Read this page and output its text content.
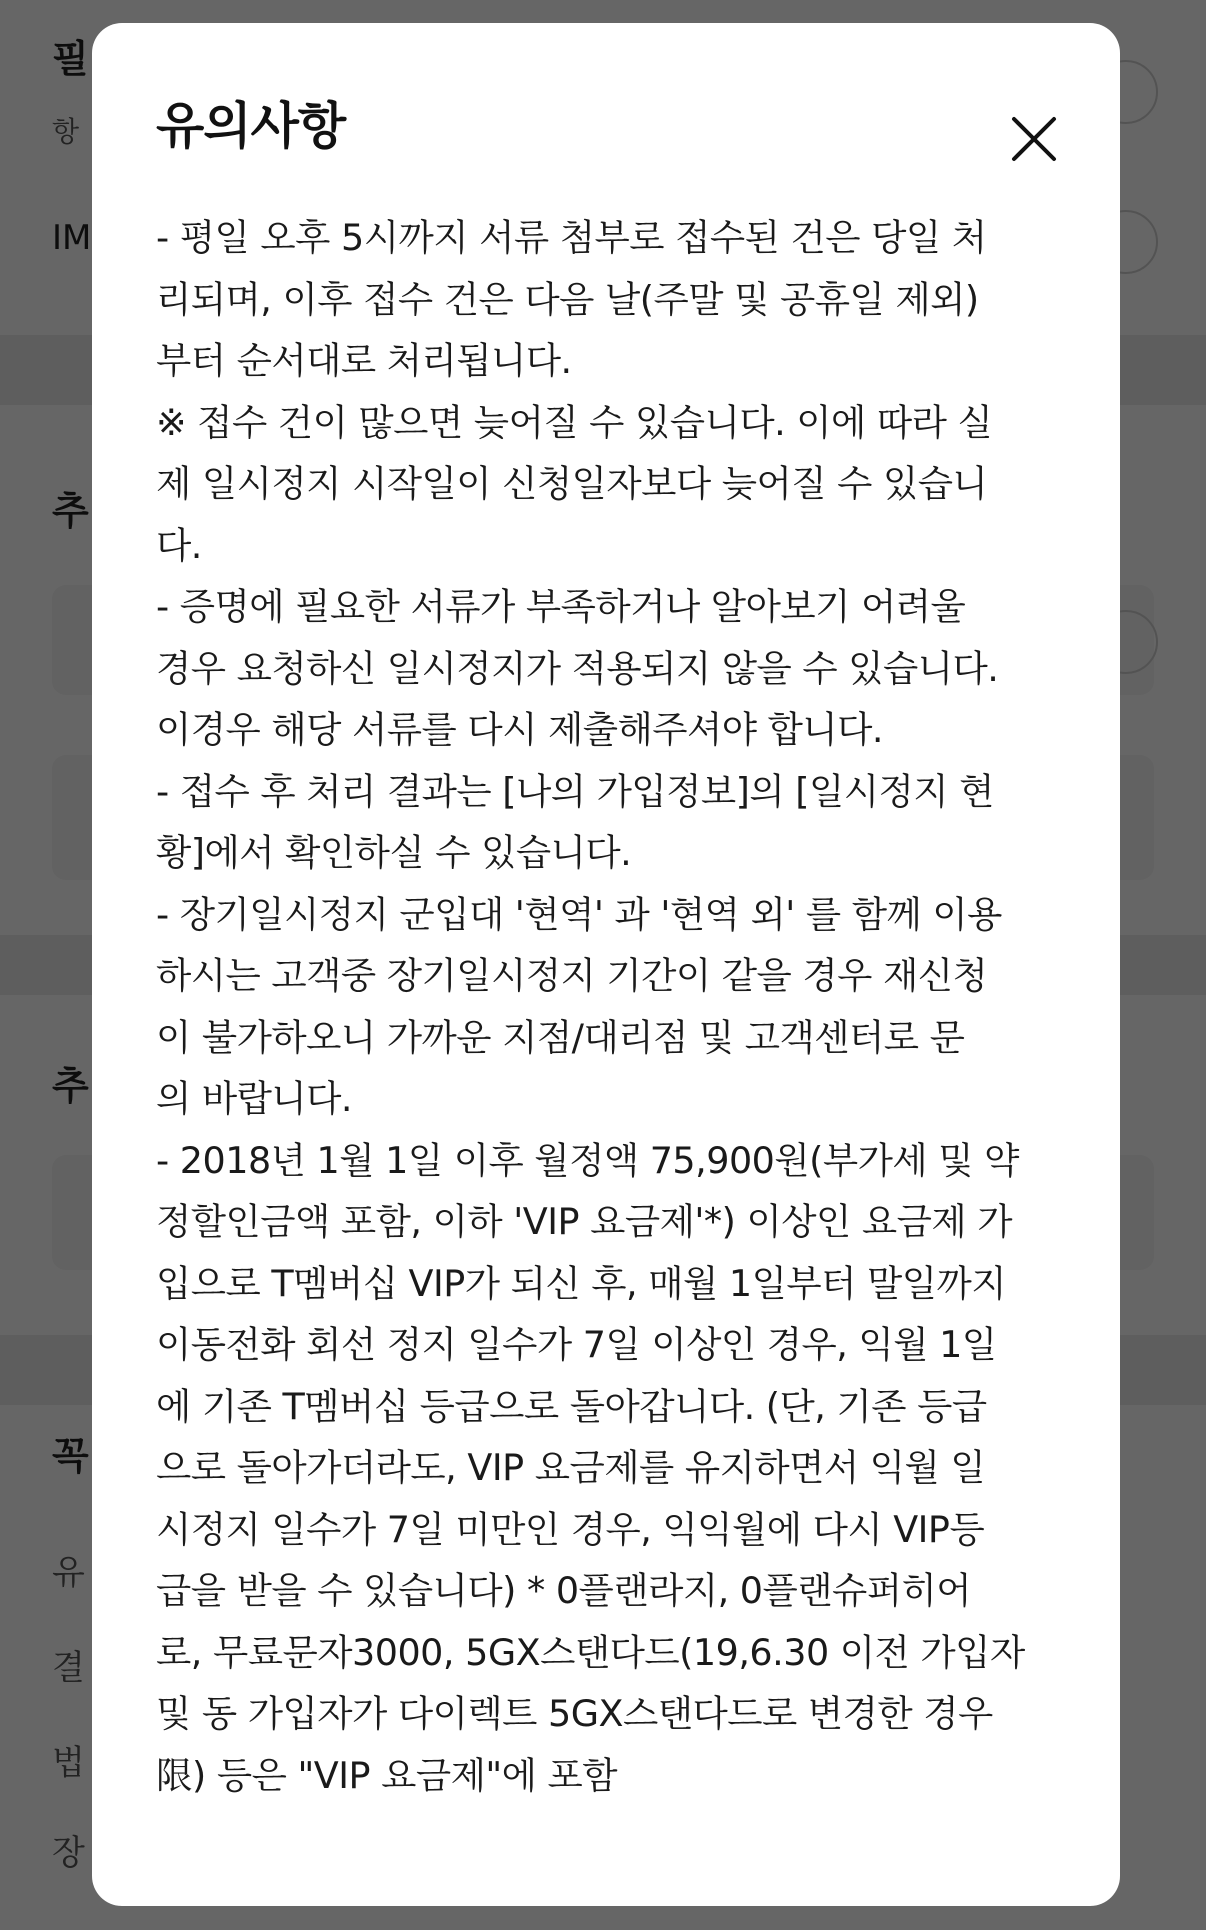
유의사항
- 평일 오후 5시까지 서류 첨부로 접수된 건은 당일 처
리되며, 이후 접수 건은 다음 날(주말 및 공휴일 제외)
부터 순서대로 처리됩니다.
※ 접수 건이 많으면 늦어질 수 있습니다. 이에 따라 실
제 일시정지 시작일이 신청일자보다 늦어질 수 있습니
다.
- 증명에 필요한 서류가 부족하거나 알아보기 어려울
경우 요청하신 일시정지가 적용되지 않을 수 있습니다.
이경우 해당 서류를 다시 제출해주셔야 합니다.
- 접수 후 처리 결과는 [나의 가입정보]의 [일시정지 현
황]에서 확인하실 수 있습니다.
- 장기일시정지 군입대 '현역' 과 '현역 외' 를 함께 이용
하시는 고객중 장기일시정지 기간이 같을 경우 재신청
이 불가하오니 가까운 지점/대리점 및 고객센터로 문
의 바랍니다.
- 2018년 1월 1일 이후 월정액 75,900원(부가세 및 약
정할인금액 포함, 이하 'VIP 요금제'*) 이상인 요금제 가
입으로 T멤버십 VIP가 되신 후, 매월 1일부터 말일까지
이동전화 회선 정지 일수가 7일 이상인 경우, 익월 1일
에 기존 T멤버십 등급으로 돌아갑니다. (단, 기존 등급
으로 돌아가더라도, VIP 요금제를 유지하면서 익월 일
시정지 일수가 7일 미만인 경우, 익익월에 다시 VIP등
급을 받을 수 있습니다) * 0플랜라지, 0플랜슈퍼히어
로, 무료문자3000, 5GX스탠다드(19,6.30 이전 가입자
및 동 가입자가 다이렉트 5GX스탠다드로 변경한 경우
限) 등은 "VIP 요금제"에 포함
